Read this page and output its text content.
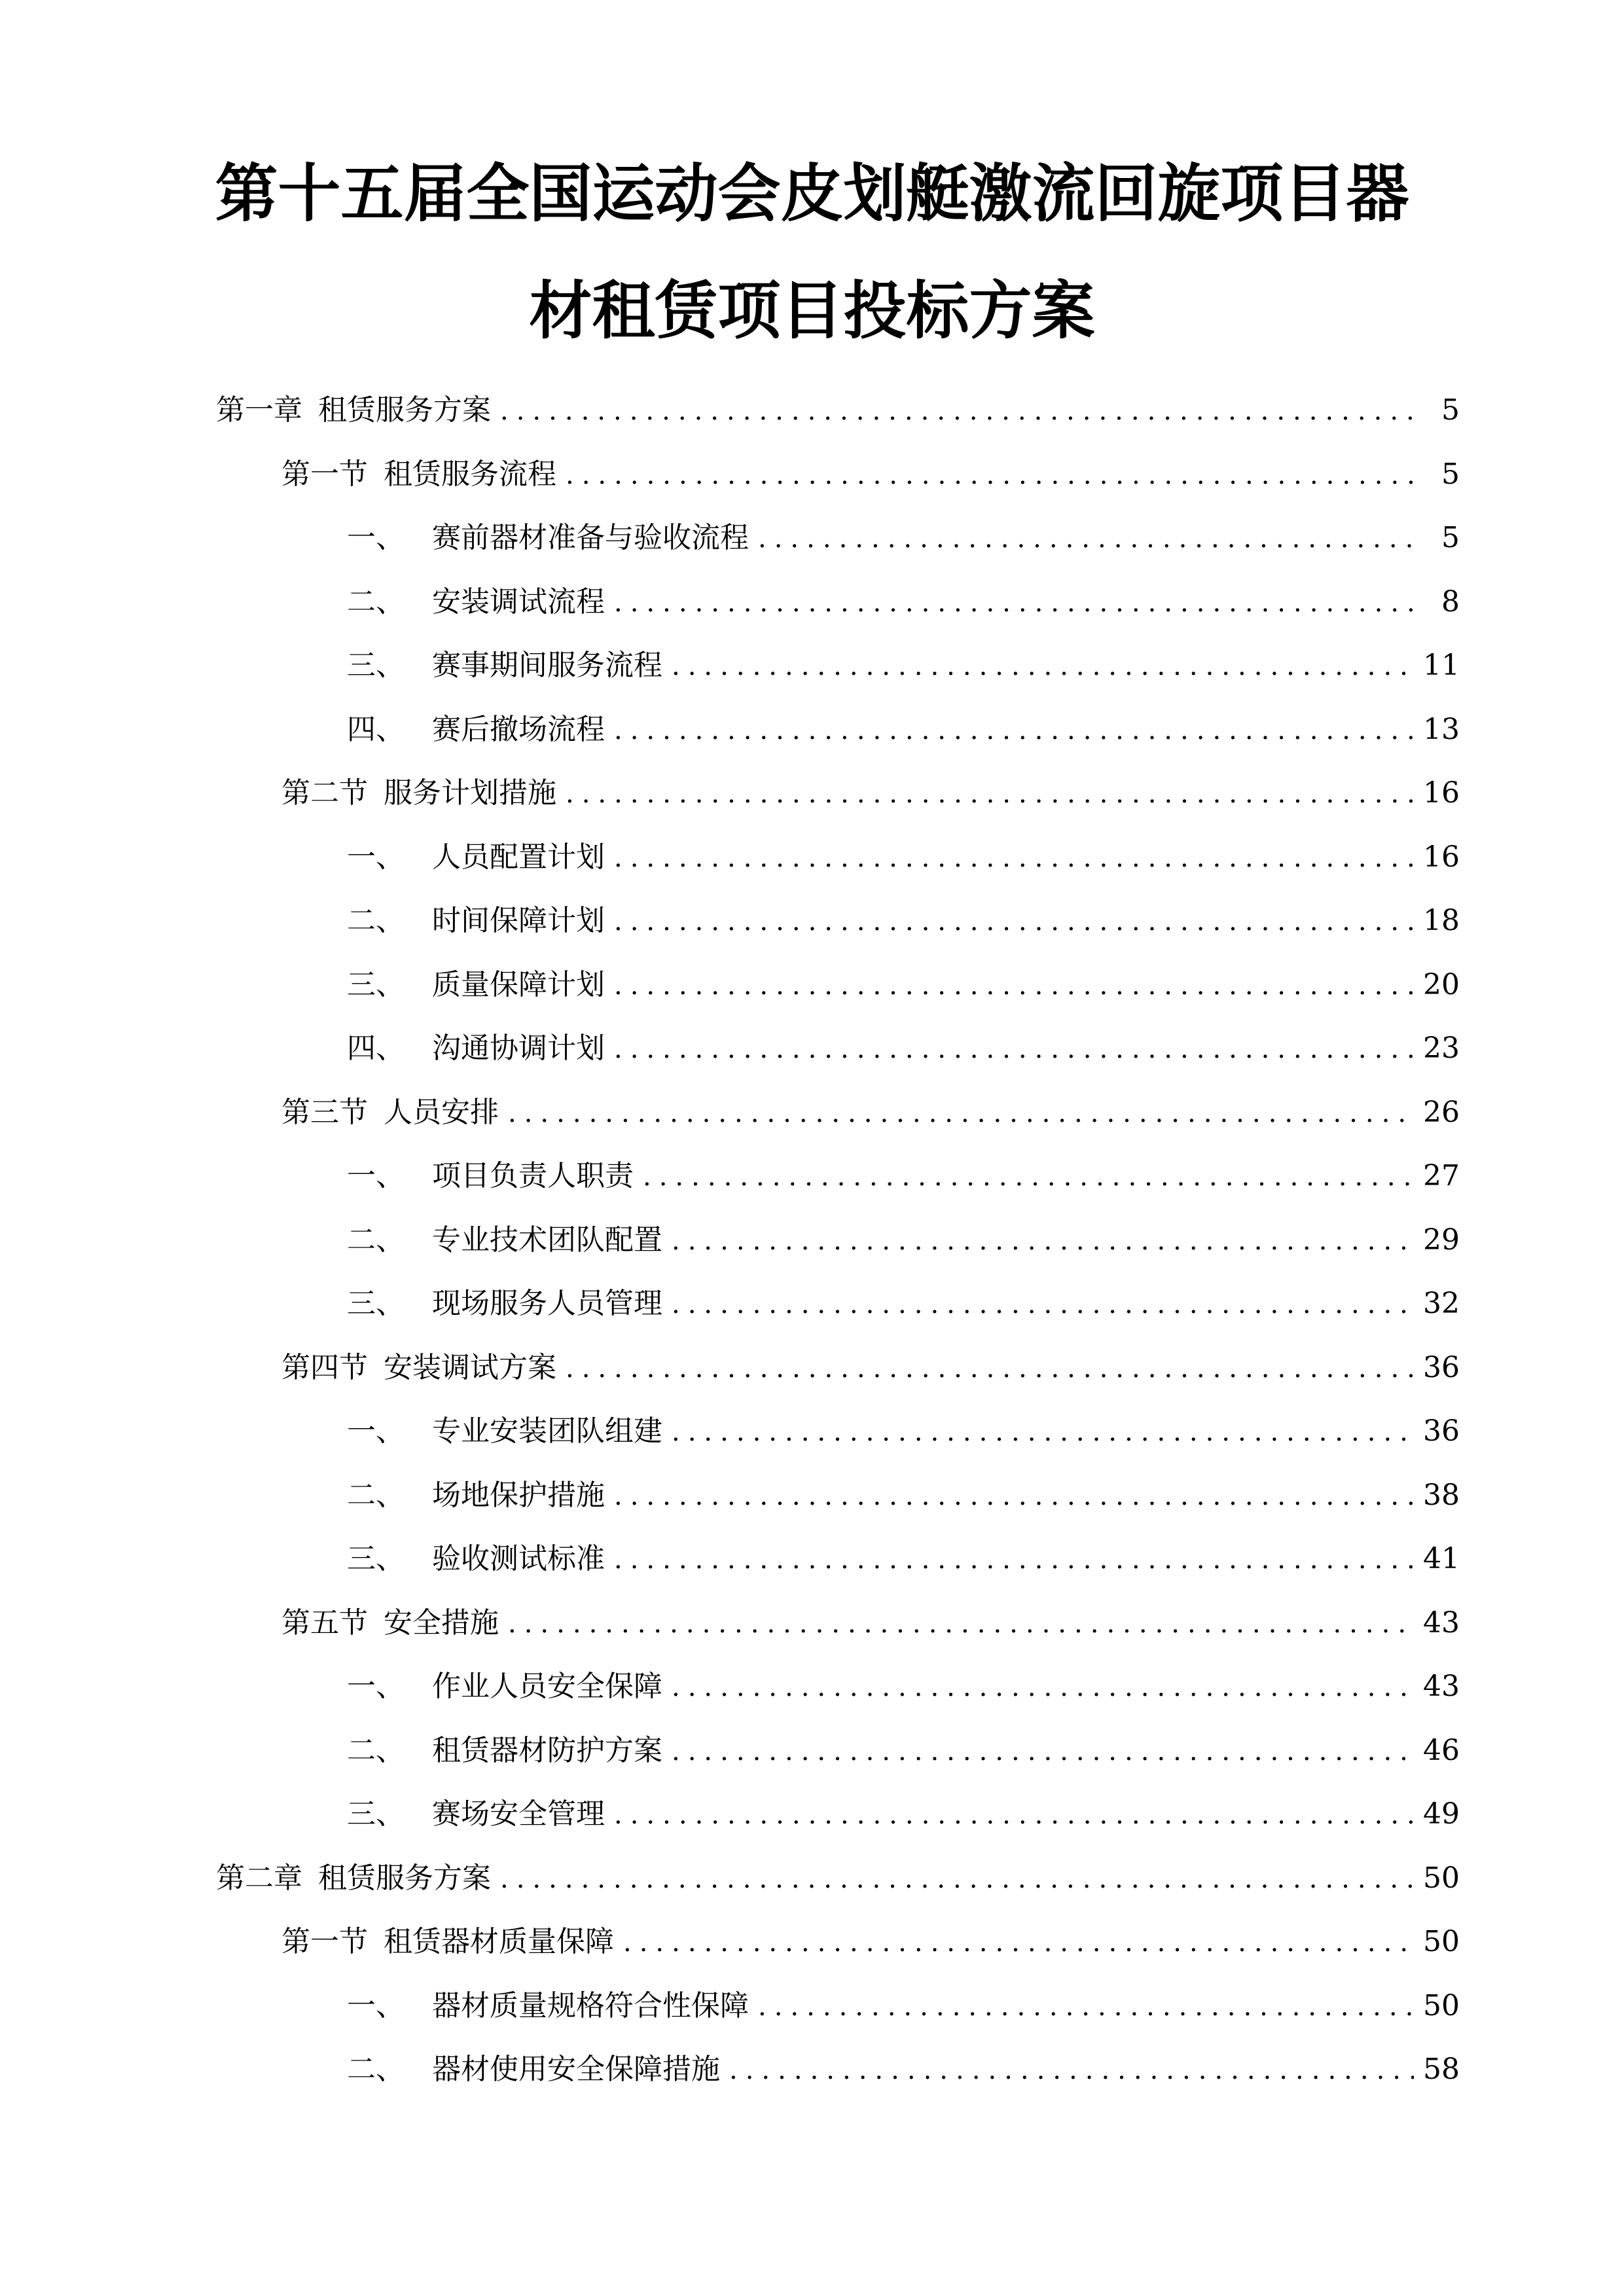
第十五届全国运动会皮划艇激流回旋项目器
材租赁项目投标方案
第一章 租赁服务方案 .....	5
第一节 租赁服务流程 .....	5
一、 赛前器材准备与验收流程 .....	5
二、 安装调试流程 .....	8
三、 赛事期间服务流程 .....	11
四、 赛后撤场流程 .....	13
第二节 服务计划措施 .....	16
一、 人员配置计划 .....	16
二、 时间保障计划 .....	18
三、 质量保障计划 .....	20
四、 沟通协调计划 .....	23
第三节 人员安排 .....	26
一、 项目负责人职责 .....	27
二、 专业技术团队配置 .....	29
三、 现场服务人员管理 .....	32
第四节 安装调试方案 .....	36
一、 专业安装团队组建 .....	36
二、 场地保护措施 .....	38
三、 验收测试标准 .....	41
第五节 安全措施 .....	43
一、 作业人员安全保障 .....	43
二、 租赁器材防护方案 .....	46
三、 赛场安全管理 .....	49
第二章 租赁服务方案 .....	50
第一节 租赁器材质量保障 .....	50
一、 器材质量规格符合性保障 .....	50
二、 器材使用安全保障措施 .....	58
